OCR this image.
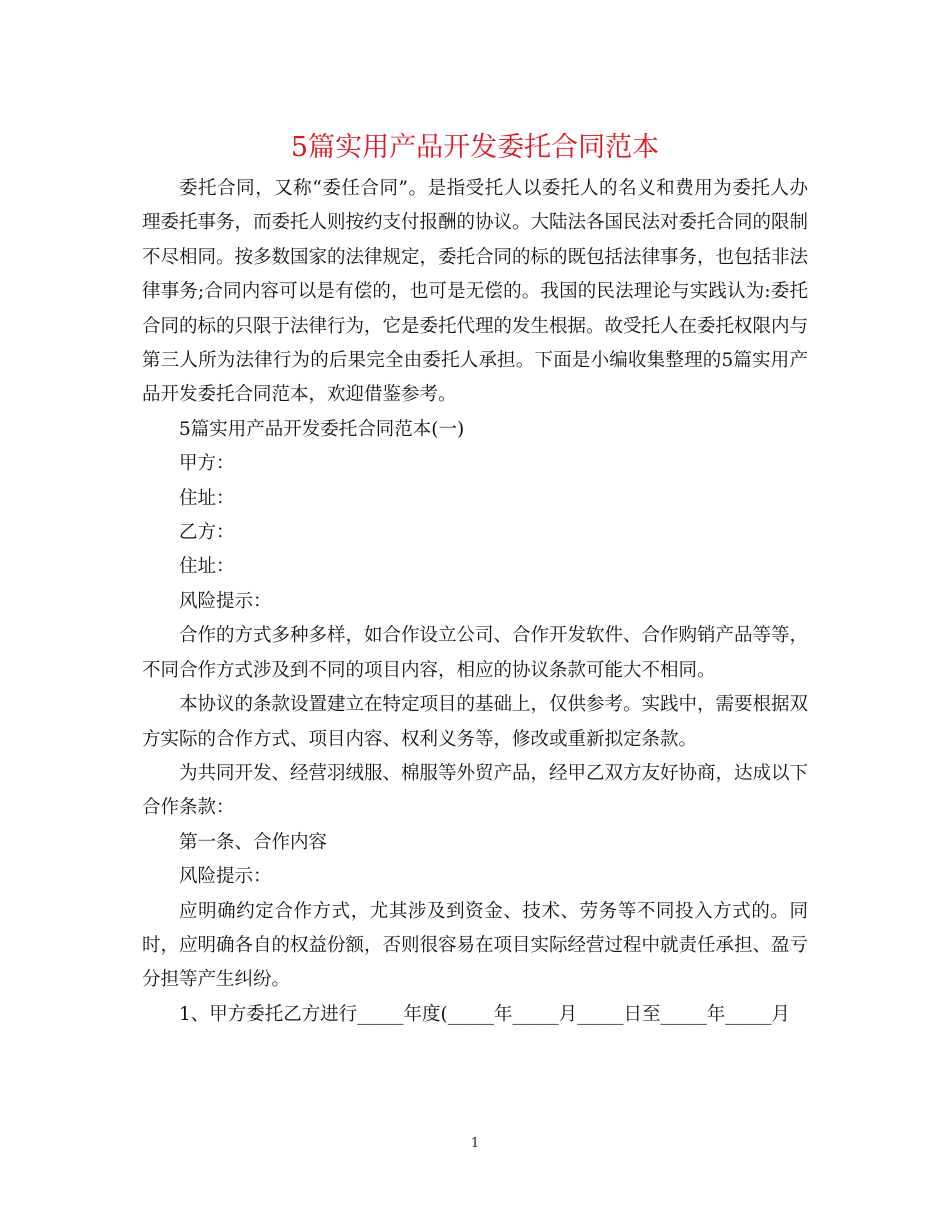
5篇实用产品开发委托合同范本

委托合同，又称“委任合同”。是指受托人以委托人的名义和费用为委托人办理委托事务，而委托人则按约支付报酬的协议。大陆法各国民法对委托合同的限制不尽相同。按多数国家的法律规定，委托合同的标的既包括法律事务，也包括非法律事务;合同内容可以是有偿的，也可是无偿的。我国的民法理论与实践认为:委托合同的标的只限于法律行为，它是委托代理的发生根据。故受托人在委托权限内与第三人所为法律行为的后果完全由委托人承担。下面是小编收集整理的5篇实用产品开发委托合同范本，欢迎借鉴参考。

5篇实用产品开发委托合同范本(一)

甲方：

住址：

乙方：

住址：

风险提示：

合作的方式多种多样，如合作设立公司、合作开发软件、合作购销产品等等，不同合作方式涉及到不同的项目内容，相应的协议条款可能大不相同。

本协议的条款设置建立在特定项目的基础上，仅供参考。实践中，需要根据双方实际的合作方式、项目内容、权利义务等，修改或重新拟定条款。

为共同开发、经营羽绒服、棉服等外贸产品，经甲乙双方友好协商，达成以下合作条款：

第一条、合作内容

风险提示：

应明确约定合作方式，尤其涉及到资金、技术、劳务等不同投入方式的。同时，应明确各自的权益份额，否则很容易在项目实际经营过程中就责任承担、盈亏分担等产生纠纷。

1、甲方委托乙方进行_____年度(_____年_____月_____日至_____年_____月

1
